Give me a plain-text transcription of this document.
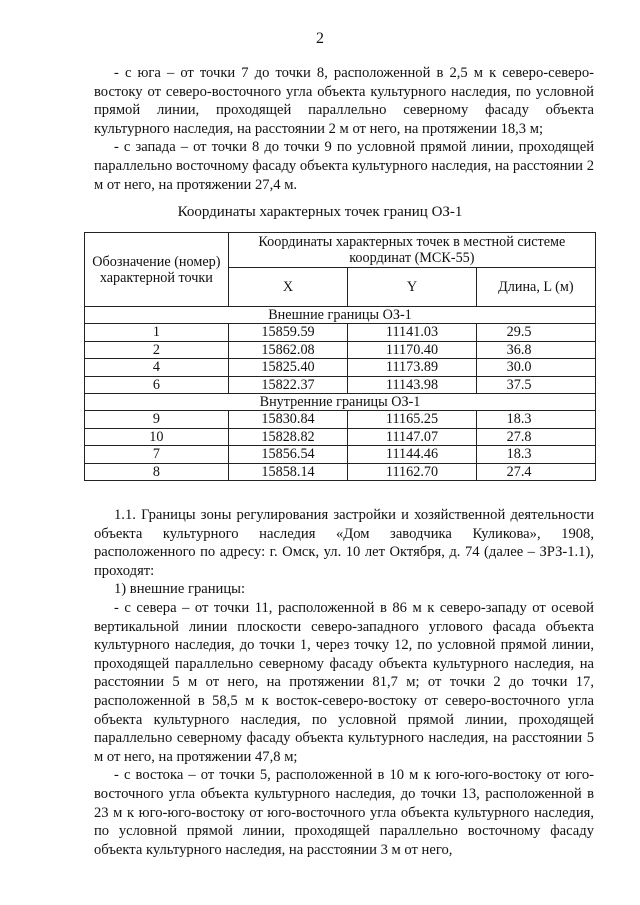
2

- с юга – от точки 7 до точки 8, расположенной в 2,5 м к северо-северо-востоку от северо-восточного угла объекта культурного наследия, по условной прямой линии, проходящей параллельно северному фасаду объекта культурного наследия, на расстоянии 2 м от него, на протяжении 18,3 м;

- с запада – от точки 8 до точки 9 по условной прямой линии, проходящей параллельно восточному фасаду объекта культурного наследия, на расстоянии 2 м от него, на протяжении 27,4 м.

Координаты характерных точек границ ОЗ-1
Обозначение (номер) характерной точки	Координаты характерных точек в местной системе координат (МСК-55)		
	X	Y	Длина, L (м)
Внешние границы ОЗ-1			
1	15859.59	11141.03	29.5
2	15862.08	11170.40	36.8
4	15825.40	11173.89	30.0
6	15822.37	11143.98	37.5
Внутренние границы ОЗ-1			
9	15830.84	11165.25	18.3
10	15828.82	11147.07	27.8
7	15856.54	11144.46	18.3
8	15858.14	11162.70	27.4

1.1. Границы зоны регулирования застройки и хозяйственной деятельности объекта культурного наследия «Дом заводчика Куликова», 1908, расположенного по адресу: г. Омск, ул. 10 лет Октября, д. 74 (далее – ЗРЗ-1.1), проходят:

1) внешние границы:

- с севера – от точки 11, расположенной в 86 м к северо-западу от осевой вертикальной линии плоскости северо-западного углового фасада объекта культурного наследия, до точки 1, через точку 12, по условной прямой линии, проходящей параллельно северному фасаду объекта культурного наследия, на расстоянии 5 м от него, на протяжении 81,7 м; от точки 2 до точки 17, расположенной в 58,5 м к восток-северо-востоку от северо-восточного угла объекта культурного наследия, по условной прямой линии, проходящей параллельно северному фасаду объекта культурного наследия, на расстоянии 5 м от него, на протяжении 47,8 м;

- с востока – от точки 5, расположенной в 10 м к юго-юго-востоку от юго-восточного угла объекта культурного наследия, до точки 13, расположенной в 23 м к юго-юго-востоку от юго-восточного угла объекта культурного наследия, по условной прямой линии, проходящей параллельно восточному фасаду объекта культурного наследия, на расстоянии 3 м от него,
